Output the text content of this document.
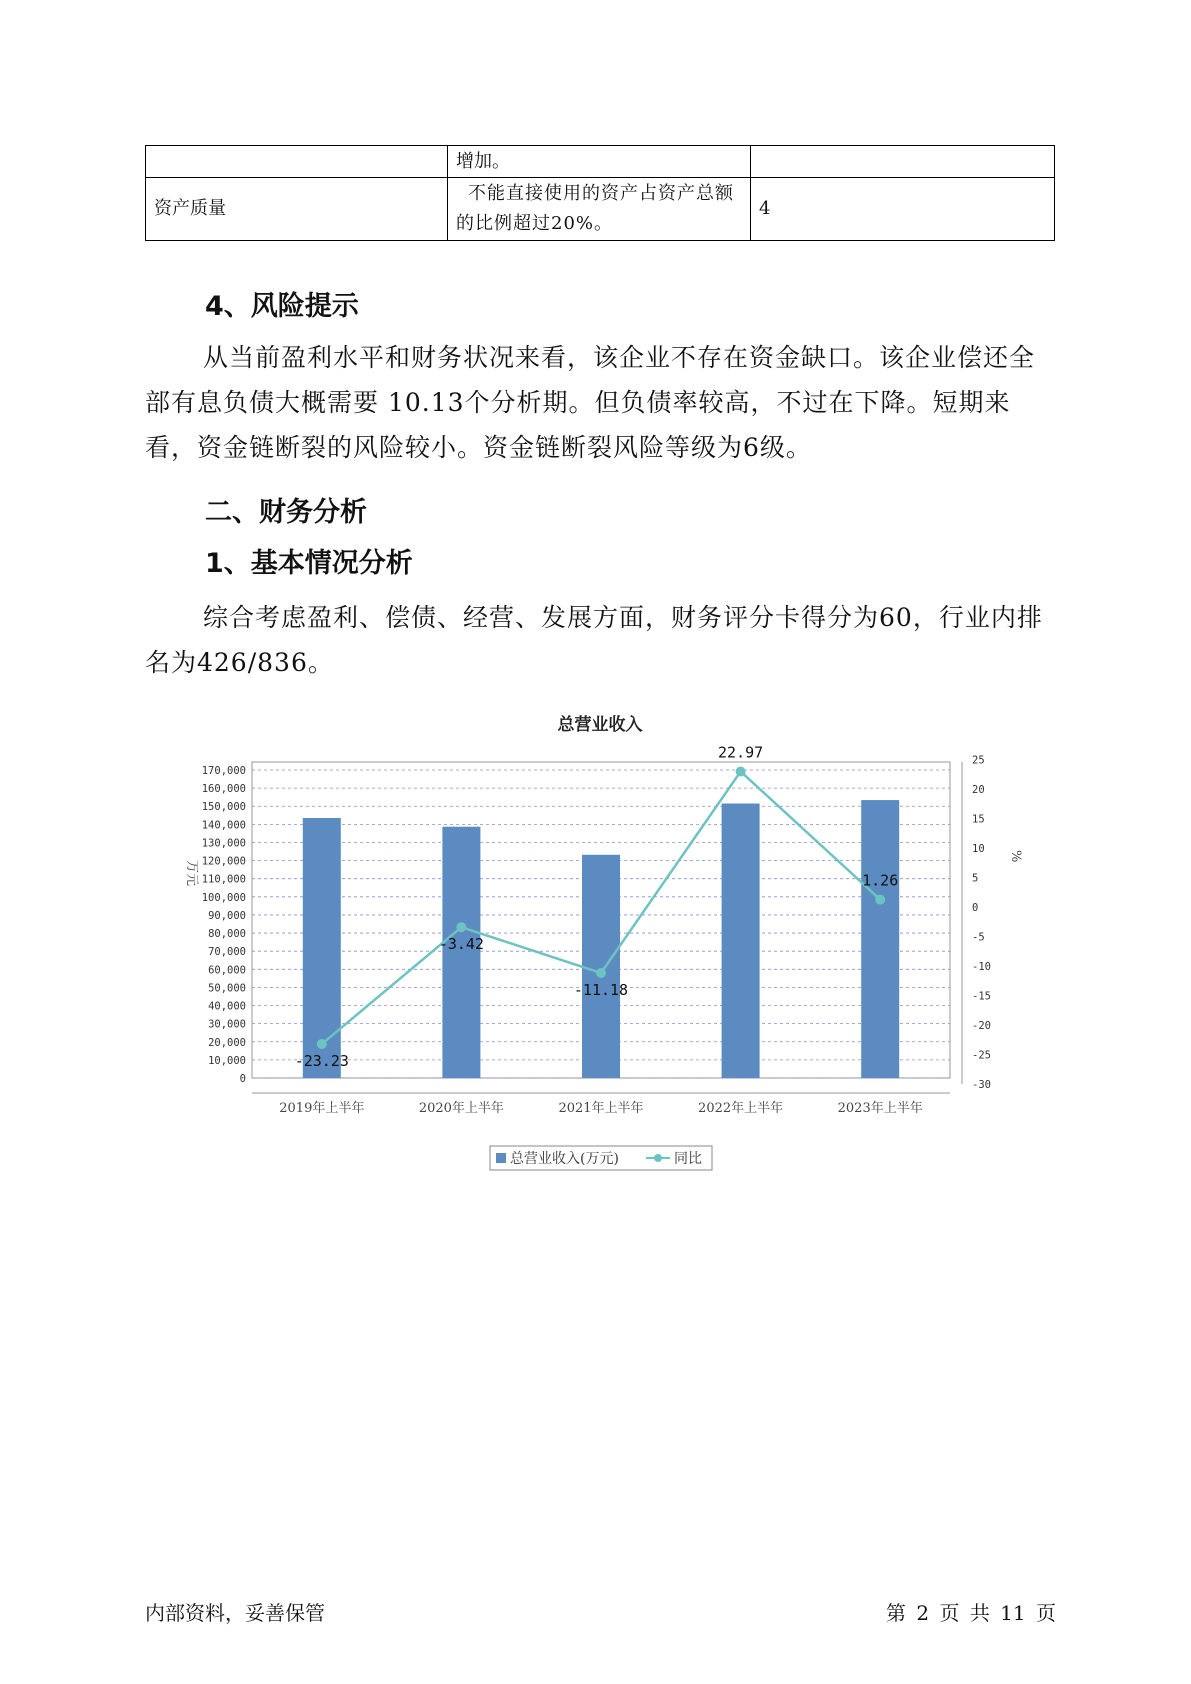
	增加。	
资产质量	不能直接使用的资产占资产总额的比例超过20%。	4
4、风险提示

从当前盈利水平和财务状况来看，该企业不存在资金缺口。该企业偿还全部有息负债大概需要 10.13个分析期。但负债率较高，不过在下降。短期来看，资金链断裂的风险较小。资金链断裂风险等级为6级。

二、财务分析
1、基本情况分析

综合考虑盈利、偿债、经营、发展方面，财务评分卡得分为60，行业内排名为426/836。

总营业收入
0
10,000
20,000
30,000
40,000
50,000
60,000
70,000
80,000
90,000
100,000
110,000
120,000
130,000
140,000
150,000
160,000
170,000
25
20
15
10
5
0
-5
-10
-15
-20
-25
-30
-23.23
-3.42
-11.18
22.97
1.26
2019年上半年	2020年上半年	2021年上半年	2022年上半年	2023年上半年
万元
%
总营业收入(万元)	同比
内部资料，妥善保管	第 2 页 共 11 页
